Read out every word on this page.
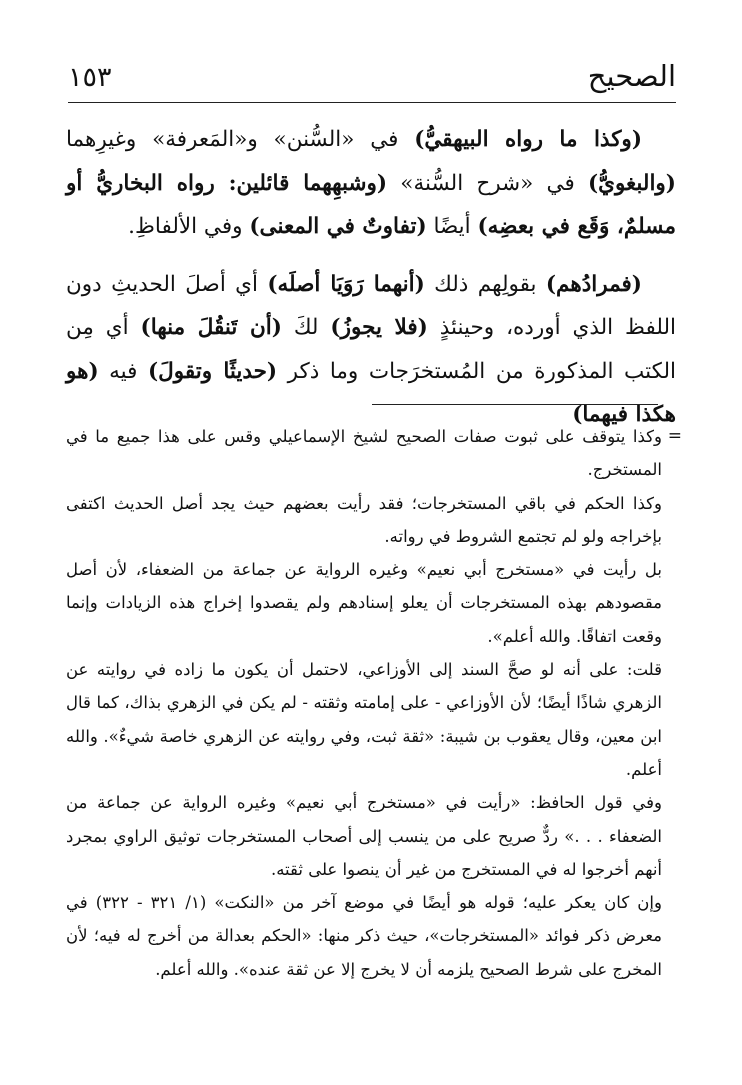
الصحيح
١٥٣

(وكذا ما رواه البيهقيُّ) في «السُّنن» و«المَعرفة» وغيرِهما (والبغويُّ) في «شرح السُّنة» (وشبهِهما قائلين: رواه البخاريُّ أو مسلمٌ، وَقَع في بعضِه) أيضًا (تفاوتٌ في المعنى) وفي الألفاظِ.

(فمرادُهم) بقولِهم ذلك (أنهما رَوَيَا أصلَه) أي أصلَ الحديثِ دون اللفظ الذي أورده، وحينئذٍ (فلا يجوزُ) لكَ (أن تَنقُلَ منها) أي مِن الكتب المذكورة من المُستخرَجات وما ذكر (حديثًا وتقولَ) فيه (هو هكذا فيهما)

=

وكذا يتوقف على ثبوت صفات الصحيح لشيخ الإسماعيلي وقس على هذا جميع ما في المستخرج.

وكذا الحكم في باقي المستخرجات؛ فقد رأيت بعضهم حيث يجد أصل الحديث اكتفى بإخراجه ولو لم تجتمع الشروط في رواته.

بل رأيت في «مستخرج أبي نعيم» وغيره الرواية عن جماعة من الضعفاء، لأن أصل مقصودهم بهذه المستخرجات أن يعلو إسنادهم ولم يقصدوا إخراج هذه الزيادات وإنما وقعت اتفاقًا. والله أعلم».

قلت: على أنه لو صحَّ السند إلى الأوزاعي، لاحتمل أن يكون ما زاده في روايته عن الزهري شاذًا أيضًا؛ لأن الأوزاعي - على إمامته وثقته - لم يكن في الزهري بذاك، كما قال ابن معين، وقال يعقوب بن شيبة: «ثقة ثبت، وفي روايته عن الزهري خاصة شيءٌ». والله أعلم.

وفي قول الحافظ: «رأيت في «مستخرج أبي نعيم» وغيره الرواية عن جماعة من الضعفاء . . .» ردٌّ صريح على من ينسب إلى أصحاب المستخرجات توثيق الراوي بمجرد أنهم أخرجوا له في المستخرج من غير أن ينصوا على ثقته.

وإن كان يعكر عليه؛ قوله هو أيضًا في موضع آخر من «النكت» (١/ ٣٢١ - ٣٢٢) في معرض ذكر فوائد «المستخرجات»، حيث ذكر منها: «الحكم بعدالة من أخرج له فيه؛ لأن المخرج على شرط الصحيح يلزمه أن لا يخرج إلا عن ثقة عنده». والله أعلم.
